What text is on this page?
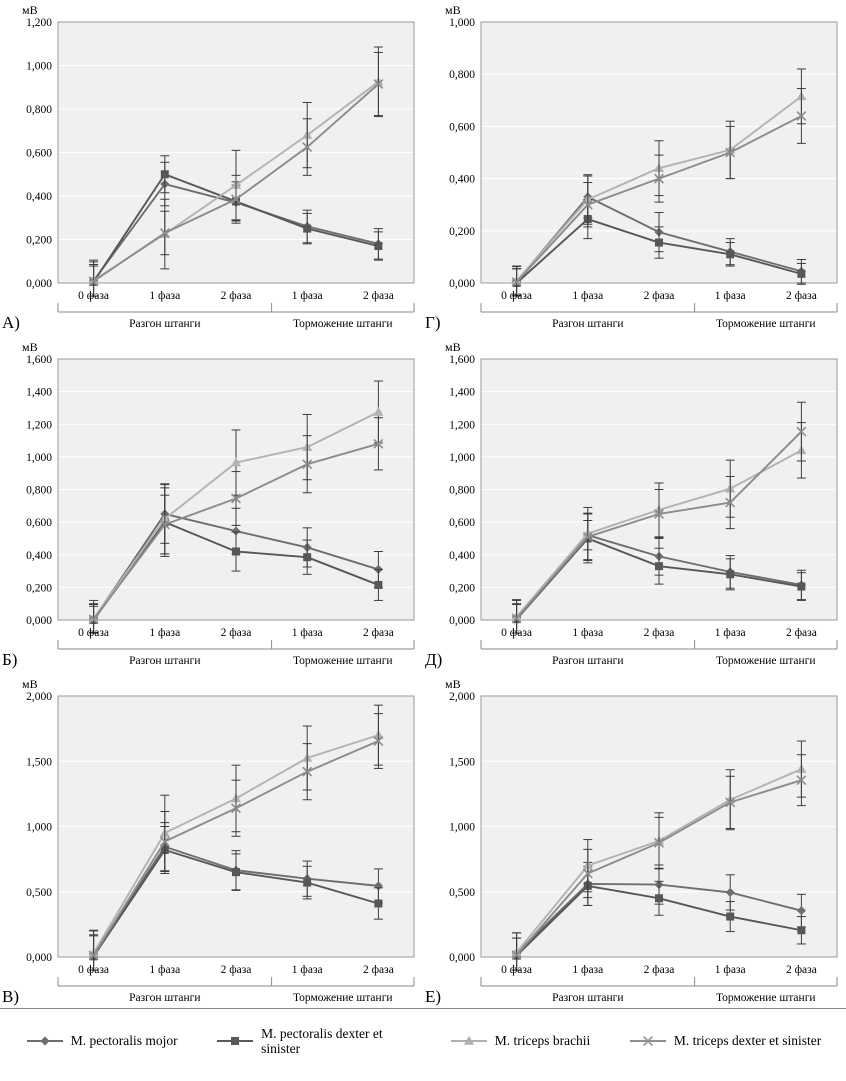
мВ
0,000
0,200
0,400
0,600
0,800
1,000
1,200
0 фаза	1 фаза	2 фаза	1 фаза	2 фаза
Разгон штанги	Торможение штанги
А)
мВ
0,000
0,200
0,400
0,600
0,800
1,000
1,200
1,400
1,600
0 фаза	1 фаза	2 фаза	1 фаза	2 фаза
Разгон штанги	Торможение штанги
Б)
мВ
0,000
0,500
1,000
1,500
2,000
0 фаза	1 фаза	2 фаза	1 фаза	2 фаза
Разгон штанги	Торможение штанги
В)
мВ
0,000
0,200
0,400
0,600
0,800
1,000
0 фаза	1 фаза	2 фаза	1 фаза	2 фаза
Разгон штанги	Торможение штанги
Г)
мВ
0,000
0,200
0,400
0,600
0,800
1,000
1,200
1,400
1,600
0 фаза	1 фаза	2 фаза	1 фаза	2 фаза
Разгон штанги	Торможение штанги
Д)
мВ
0,000
0,500
1,000
1,500
2,000
0 фаза	1 фаза	2 фаза	1 фаза	2 фаза
Разгон штанги	Торможение штанги
Е)
M. pectoralis mojor
M. pectoralis dexter et sinister
M. triceps brachii	M. triceps dexter et sinister
